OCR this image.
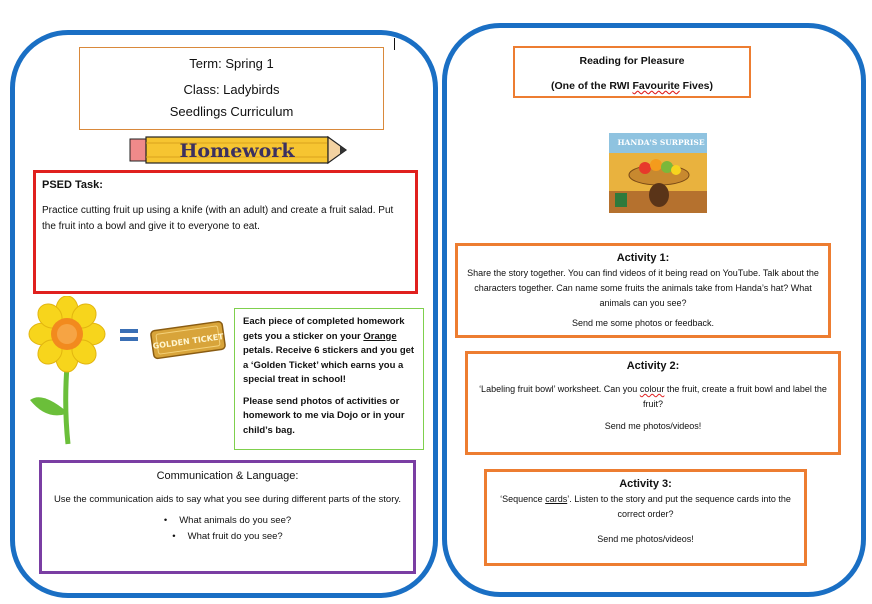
Term: Spring 1

Class: Ladybirds

Seedlings Curriculum

Homework

PSED Task:

Practice cutting fruit up using a knife (with an adult) and create a fruit salad. Put the fruit into a bowl and give it to everyone to eat.

GOLDEN TICKET

Each piece of completed homework gets you a sticker on your Orange petals. Receive 6 stickers and you get a ‘Golden Ticket’ which earns you a special treat in school!

Please send photos of activities or homework to me via Dojo or in your child’s bag.

Communication & Language:

Use the communication aids to say what you see during different parts of the story.

• What animals do you see?
• What fruit do you see?

Reading for Pleasure

(One of the RWI Favourite Fives)

HANDA'S SURPRISE

Activity 1:

Share the story together. You can find videos of it being read on YouTube. Talk about the characters together. Can name some fruits the animals take from Handa’s hat? What animals can you see?

Send me some photos or feedback.

Activity 2:

‘Labeling fruit bowl’ worksheet. Can you colour the fruit, create a fruit bowl and label the fruit?

Send me photos/videos!

Activity 3:

‘Sequence cards’. Listen to the story and put the sequence cards into the correct order?

Send me photos/videos!
